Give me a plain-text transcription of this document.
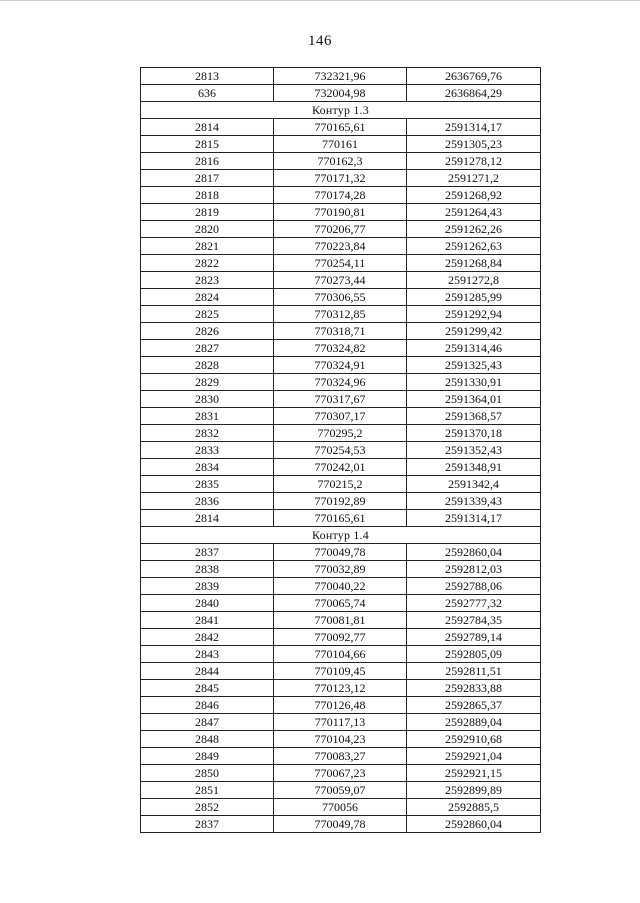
146
2813	732321,96	2636769,76
636	732004,98	2636864,29
Контур 1.3		
2814	770165,61	2591314,17
2815	770161	2591305,23
2816	770162,3	2591278,12
2817	770171,32	2591271,2
2818	770174,28	2591268,92
2819	770190,81	2591264,43
2820	770206,77	2591262,26
2821	770223,84	2591262,63
2822	770254,11	2591268,84
2823	770273,44	2591272,8
2824	770306,55	2591285,99
2825	770312,85	2591292,94
2826	770318,71	2591299,42
2827	770324,82	2591314,46
2828	770324,91	2591325,43
2829	770324,96	2591330,91
2830	770317,67	2591364,01
2831	770307,17	2591368,57
2832	770295,2	2591370,18
2833	770254,53	2591352,43
2834	770242,01	2591348,91
2835	770215,2	2591342,4
2836	770192,89	2591339,43
2814	770165,61	2591314,17
Контур 1.4		
2837	770049,78	2592860,04
2838	770032,89	2592812,03
2839	770040,22	2592788,06
2840	770065,74	2592777,32
2841	770081,81	2592784,35
2842	770092,77	2592789,14
2843	770104,66	2592805,09
2844	770109,45	2592811,51
2845	770123,12	2592833,88
2846	770126,48	2592865,37
2847	770117,13	2592889,04
2848	770104,23	2592910,68
2849	770083,27	2592921,04
2850	770067,23	2592921,15
2851	770059,07	2592899,89
2852	770056	2592885,5
2837	770049,78	2592860,04
